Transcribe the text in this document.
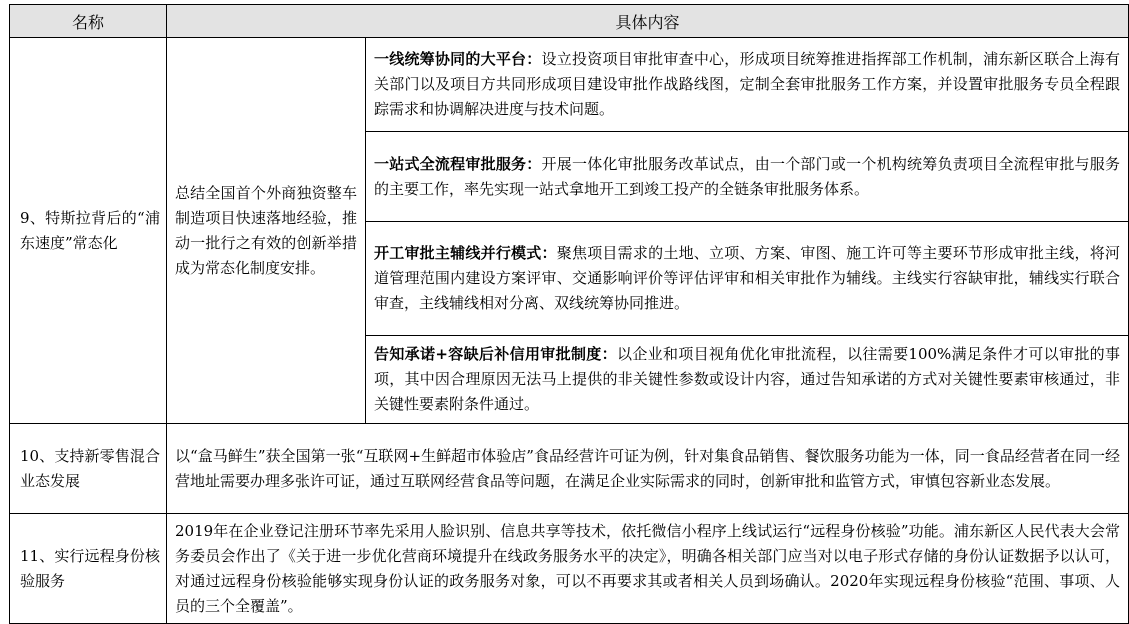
名称	具体内容	
9、特斯拉背后的“浦东速度”常态化	总结全国首个外商独资整车制造项目快速落地经验，推动一批行之有效的创新举措成为常态化制度安排。	一线统筹协同的大平台：设立投资项目审批审查中心，形成项目统筹推进指挥部工作机制，浦东新区联合上海有关部门以及项目方共同形成项目建设审批作战路线图，定制全套审批服务工作方案，并设置审批服务专员全程跟踪需求和协调解决进度与技术问题。
		一站式全流程审批服务：开展一体化审批服务改革试点，由一个部门或一个机构统筹负责项目全流程审批与服务的主要工作，率先实现一站式拿地开工到竣工投产的全链条审批服务体系。
		开工审批主辅线并行模式：聚焦项目需求的土地、立项、方案、审图、施工许可等主要环节形成审批主线，将河道管理范围内建设方案评审、交通影响评价等评估评审和相关审批作为辅线。主线实行容缺审批，辅线实行联合审查，主线辅线相对分离、双线统筹协同推进。
		告知承诺+容缺后补信用审批制度：以企业和项目视角优化审批流程，以往需要100%满足条件才可以审批的事项，其中因合理原因无法马上提供的非关键性参数或设计内容，通过告知承诺的方式对关键性要素审核通过，非关键性要素附条件通过。
10、支持新零售混合业态发展	以“盒马鲜生”获全国第一张“互联网+生鲜超市体验店”食品经营许可证为例，针对集食品销售、餐饮服务功能为一体，同一食品经营者在同一经营地址需要办理多张许可证，通过互联网经营食品等问题，在满足企业实际需求的同时，创新审批和监管方式，审慎包容新业态发展。	
11、实行远程身份核验服务	2019年在企业登记注册环节率先采用人脸识别、信息共享等技术，依托微信小程序上线试运行“远程身份核验”功能。浦东新区人民代表大会常务委员会作出了《关于进一步优化营商环境提升在线政务服务水平的决定》，明确各相关部门应当对以电子形式存储的身份认证数据予以认可，对通过远程身份核验能够实现身份认证的政务服务对象，可以不再要求其或者相关人员到场确认。2020年实现远程身份核验“范围、事项、人员的三个全覆盖”。	
